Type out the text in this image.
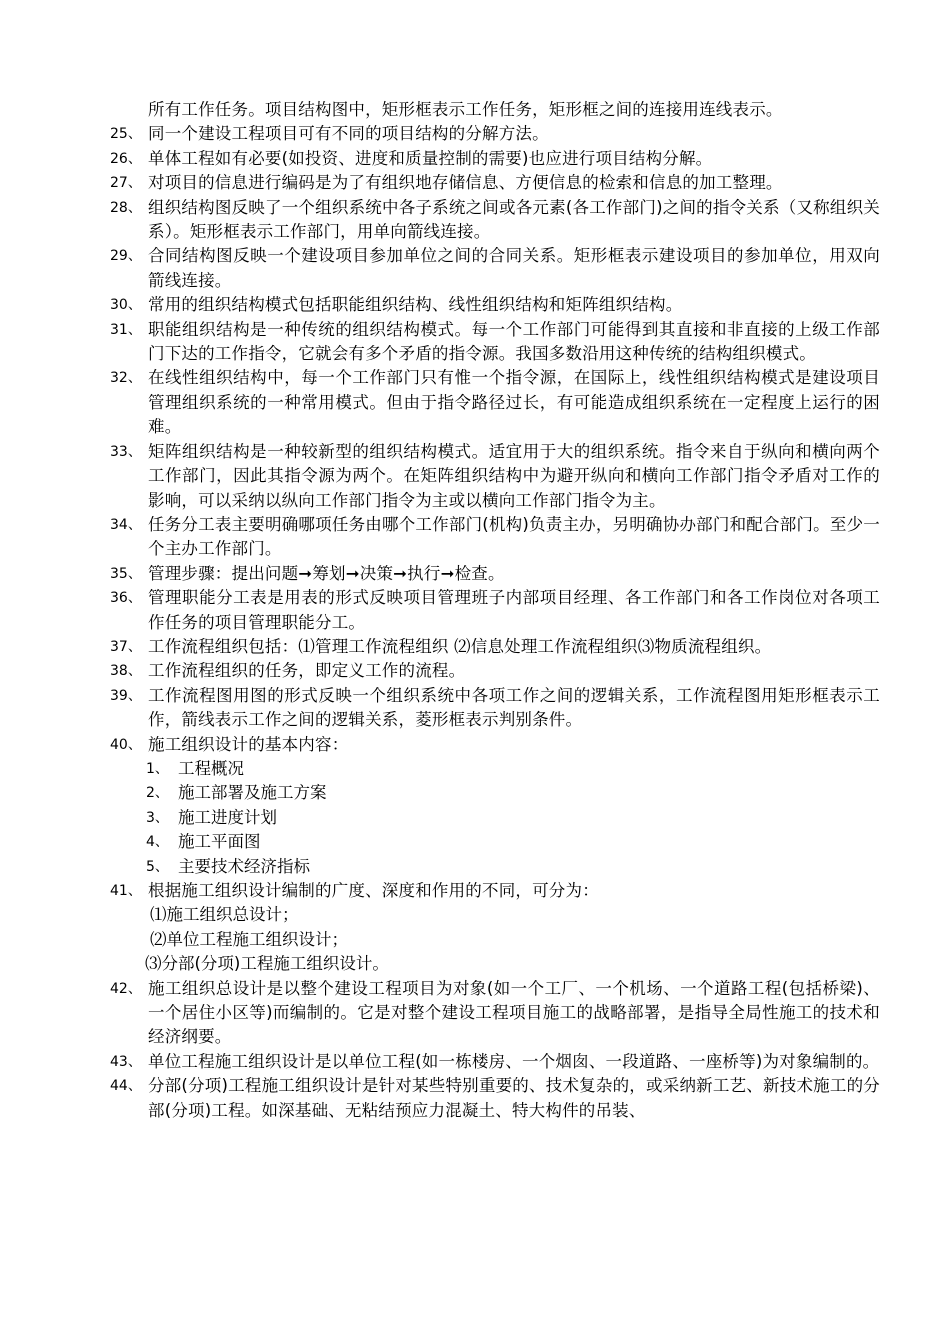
所有工作任务。项目结构图中，矩形框表示工作任务，矩形框之间的连接用连线表示。
25、 同一个建设工程项目可有不同的项目结构的分解方法。
26、 单体工程如有必要(如投资、进度和质量控制的需要)也应进行项目结构分解。
27、 对项目的信息进行编码是为了有组织地存储信息、方便信息的检索和信息的加工整理。
28、 组织结构图反映了一个组织系统中各子系统之间或各元素(各工作部门)之间的指令关系（又称组织关系）。矩形框表示工作部门，用单向箭线连接。
29、 合同结构图反映一个建设项目参加单位之间的合同关系。矩形框表示建设项目的参加单位，用双向箭线连接。
30、 常用的组织结构模式包括职能组织结构、线性组织结构和矩阵组织结构。
31、 职能组织结构是一种传统的组织结构模式。每一个工作部门可能得到其直接和非直接的上级工作部门下达的工作指令，它就会有多个矛盾的指令源。我国多数沿用这种传统的结构组织模式。
32、 在线性组织结构中，每一个工作部门只有惟一个指令源，在国际上，线性组织结构模式是建设项目管理组织系统的一种常用模式。但由于指令路径过长，有可能造成组织系统在一定程度上运行的困难。
33、 矩阵组织结构是一种较新型的组织结构模式。适宜用于大的组织系统。指令来自于纵向和横向两个工作部门，因此其指令源为两个。在矩阵组织结构中为避开纵向和横向工作部门指令矛盾对工作的影响，可以采纳以纵向工作部门指令为主或以横向工作部门指令为主。
34、 任务分工表主要明确哪项任务由哪个工作部门(机构)负责主办，另明确协办部门和配合部门。至少一个主办工作部门。
35、 管理步骤：提出问题➞筹划➞决策➞执行➞检查。
36、 管理职能分工表是用表的形式反映项目管理班子内部项目经理、各工作部门和各工作岗位对各项工作任务的项目管理职能分工。
37、 工作流程组织包括：⑴管理工作流程组织 ⑵信息处理工作流程组织⑶物质流程组织。
38、 工作流程组织的任务，即定义工作的流程。
39、 工作流程图用图的形式反映一个组织系统中各项工作之间的逻辑关系，工作流程图用矩形框表示工作，箭线表示工作之间的逻辑关系，菱形框表示判别条件。
40、 施工组织设计的基本内容：
1、 工程概况
2、 施工部署及施工方案
3、 施工进度计划
4、 施工平面图
5、 主要技术经济指标
41、 根据施工组织设计编制的广度、深度和作用的不同，可分为：
⑴施工组织总设计；
⑵单位工程施工组织设计；
⑶分部(分项)工程施工组织设计。
42、 施工组织总设计是以整个建设工程项目为对象(如一个工厂、一个机场、一个道路工程(包括桥梁)、一个居住小区等)而编制的。它是对整个建设工程项目施工的战略部署，是指导全局性施工的技术和经济纲要。
43、 单位工程施工组织设计是以单位工程(如一栋楼房、一个烟囱、一段道路、一座桥等)为对象编制的。
44、 分部(分项)工程施工组织设计是针对某些特别重要的、技术复杂的，或采纳新工艺、新技术施工的分部(分项)工程。如深基础、无粘结预应力混凝土、特大构件的吊装、
